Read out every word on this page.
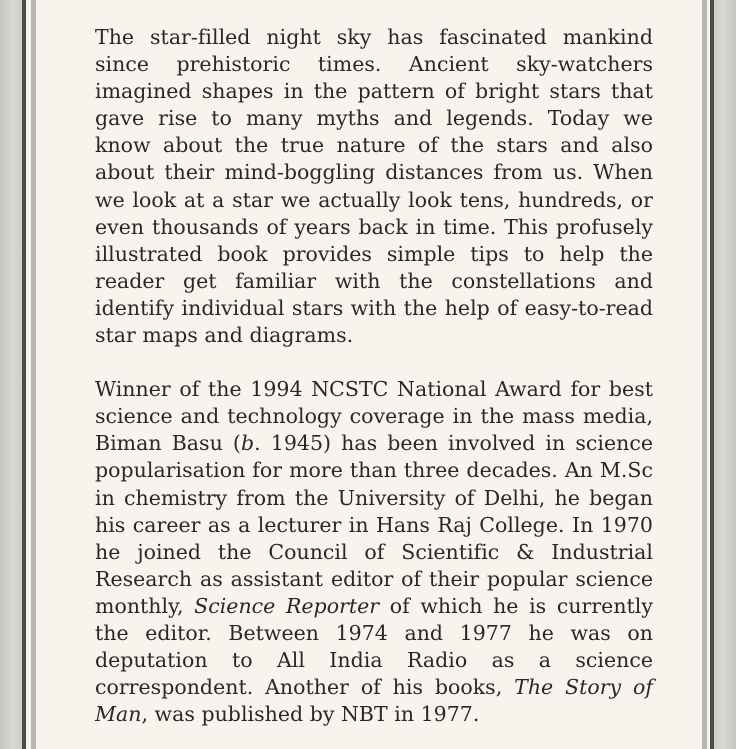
The star-filled night sky has fascinated mankind since prehistoric times. Ancient sky-watchers imagined shapes in the pattern of bright stars that gave rise to many myths and legends. Today we know about the true nature of the stars and also about their mind-boggling distances from us. When we look at a star we actually look tens, hundreds, or even thousands of years back in time. This profusely illustrated book provides simple tips to help the reader get familiar with the constellations and identify individual stars with the help of easy-to-read star maps and diagrams.

Winner of the 1994 NCSTC National Award for best science and technology coverage in the mass media, Biman Basu (b. 1945) has been involved in science popularisation for more than three decades. An M.Sc in chemistry from the University of Delhi, he began his career as a lecturer in Hans Raj College. In 1970 he joined the Council of Scientific & Industrial Research as assistant editor of their popular science monthly, Science Reporter of which he is currently the editor. Between 1974 and 1977 he was on deputation to All India Radio as a science correspondent. Another of his books, The Story of Man, was published by NBT in 1977.
